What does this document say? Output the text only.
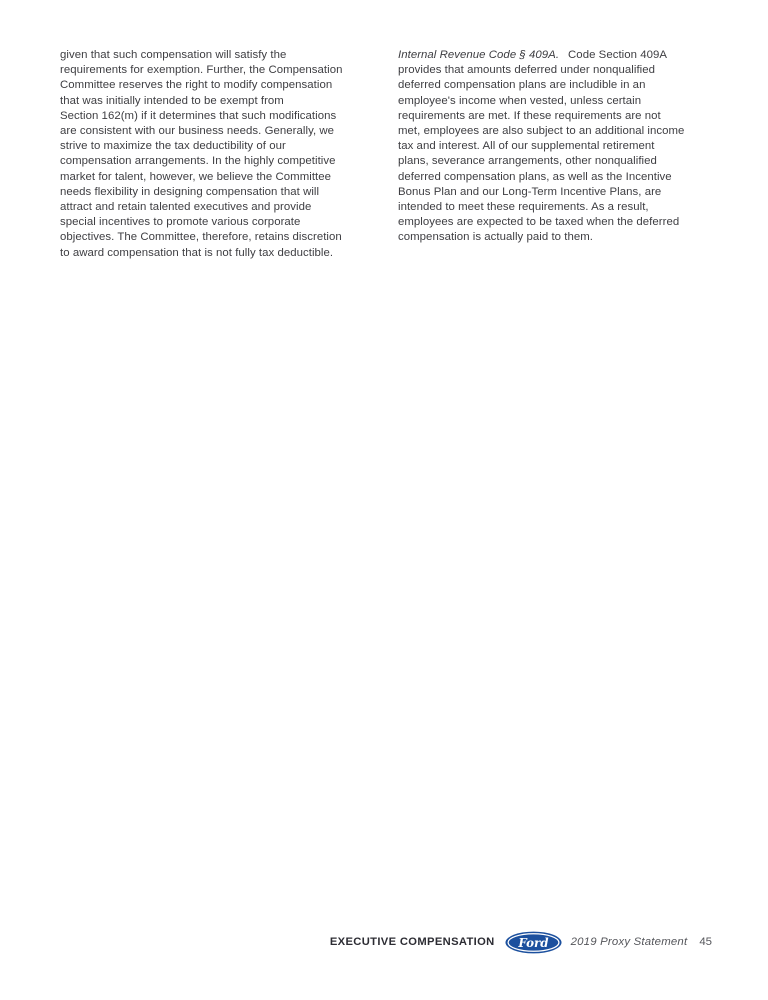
given that such compensation will satisfy the
requirements for exemption. Further, the Compensation
Committee reserves the right to modify compensation
that was initially intended to be exempt from
Section 162(m) if it determines that such modifications
are consistent with our business needs. Generally, we
strive to maximize the tax deductibility of our
compensation arrangements. In the highly competitive
market for talent, however, we believe the Committee
needs flexibility in designing compensation that will
attract and retain talented executives and provide
special incentives to promote various corporate
objectives. The Committee, therefore, retains discretion
to award compensation that is not fully tax deductible.
Internal Revenue Code § 409A. Code Section 409A
provides that amounts deferred under nonqualified
deferred compensation plans are includible in an
employee's income when vested, unless certain
requirements are met. If these requirements are not
met, employees are also subject to an additional income
tax and interest. All of our supplemental retirement
plans, severance arrangements, other nonqualified
deferred compensation plans, as well as the Incentive
Bonus Plan and our Long-Term Incentive Plans, are
intended to meet these requirements. As a result,
employees are expected to be taxed when the deferred
compensation is actually paid to them.
EXECUTIVE COMPENSATION Ford 2019 Proxy Statement 45
